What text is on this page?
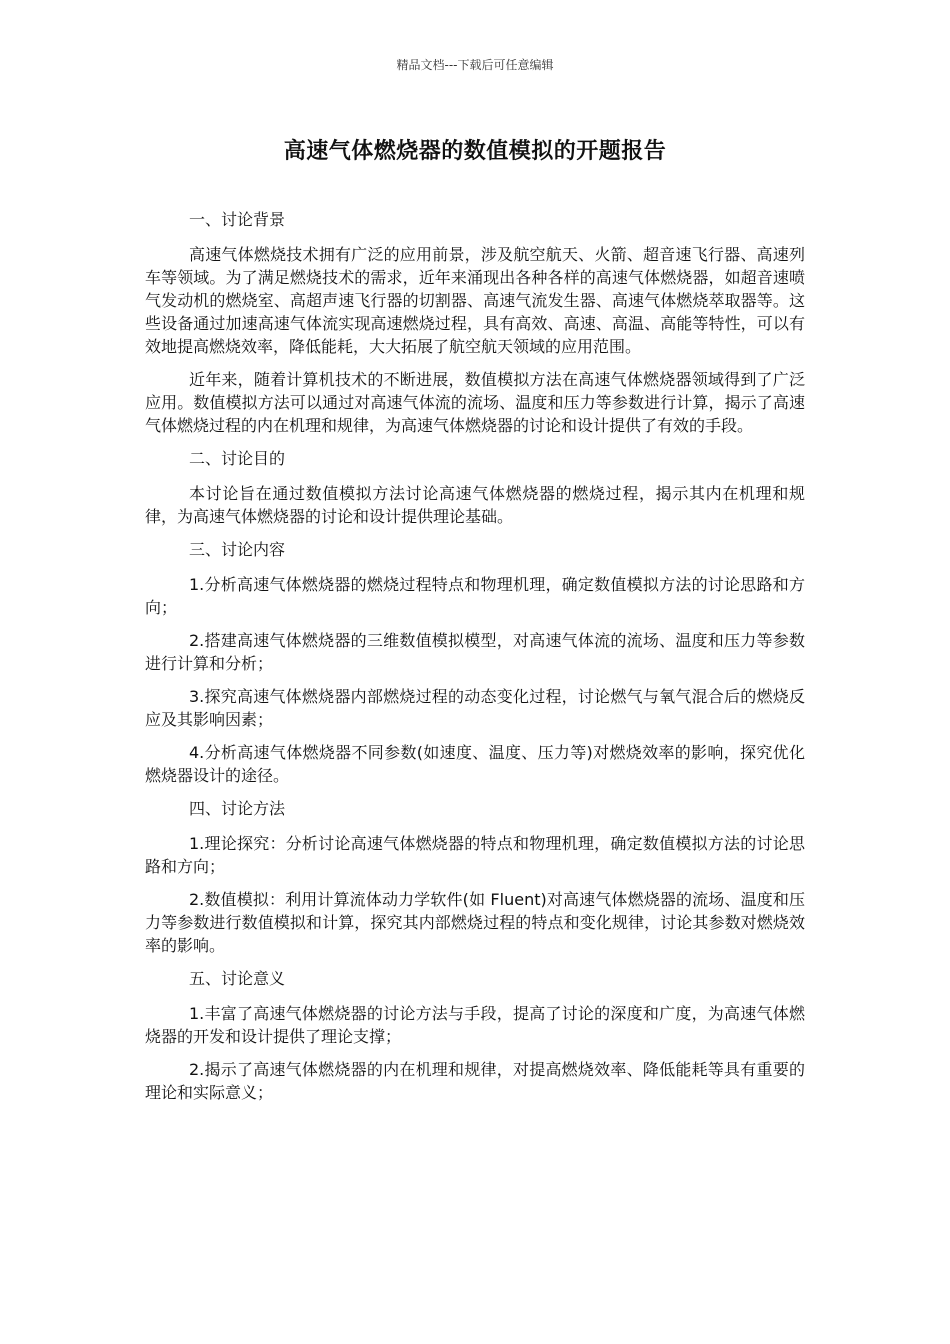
精品文档---下载后可任意编辑
高速气体燃烧器的数值模拟的开题报告

一、讨论背景

高速气体燃烧技术拥有广泛的应用前景，涉及航空航天、火箭、超音速飞行器、高速列车等领域。为了满足燃烧技术的需求，近年来涌现出各种各样的高速气体燃烧器，如超音速喷气发动机的燃烧室、高超声速飞行器的切割器、高速气流发生器、高速气体燃烧萃取器等。这些设备通过加速高速气体流实现高速燃烧过程，具有高效、高速、高温、高能等特性，可以有效地提高燃烧效率，降低能耗，大大拓展了航空航天领域的应用范围。

近年来，随着计算机技术的不断进展，数值模拟方法在高速气体燃烧器领域得到了广泛应用。数值模拟方法可以通过对高速气体流的流场、温度和压力等参数进行计算，揭示了高速气体燃烧过程的内在机理和规律，为高速气体燃烧器的讨论和设计提供了有效的手段。

二、讨论目的

本讨论旨在通过数值模拟方法讨论高速气体燃烧器的燃烧过程，揭示其内在机理和规律，为高速气体燃烧器的讨论和设计提供理论基础。

三、讨论内容

1.分析高速气体燃烧器的燃烧过程特点和物理机理，确定数值模拟方法的讨论思路和方向；

2.搭建高速气体燃烧器的三维数值模拟模型，对高速气体流的流场、温度和压力等参数进行计算和分析；

3.探究高速气体燃烧器内部燃烧过程的动态变化过程，讨论燃气与氧气混合后的燃烧反应及其影响因素；

4.分析高速气体燃烧器不同参数(如速度、温度、压力等)对燃烧效率的影响，探究优化燃烧器设计的途径。

四、讨论方法

1.理论探究：分析讨论高速气体燃烧器的特点和物理机理，确定数值模拟方法的讨论思路和方向；

2.数值模拟：利用计算流体动力学软件(如 Fluent)对高速气体燃烧器的流场、温度和压力等参数进行数值模拟和计算，探究其内部燃烧过程的特点和变化规律，讨论其参数对燃烧效率的影响。

五、讨论意义

1.丰富了高速气体燃烧器的讨论方法与手段，提高了讨论的深度和广度，为高速气体燃烧器的开发和设计提供了理论支撑；

2.揭示了高速气体燃烧器的内在机理和规律，对提高燃烧效率、降低能耗等具有重要的理论和实际意义；
